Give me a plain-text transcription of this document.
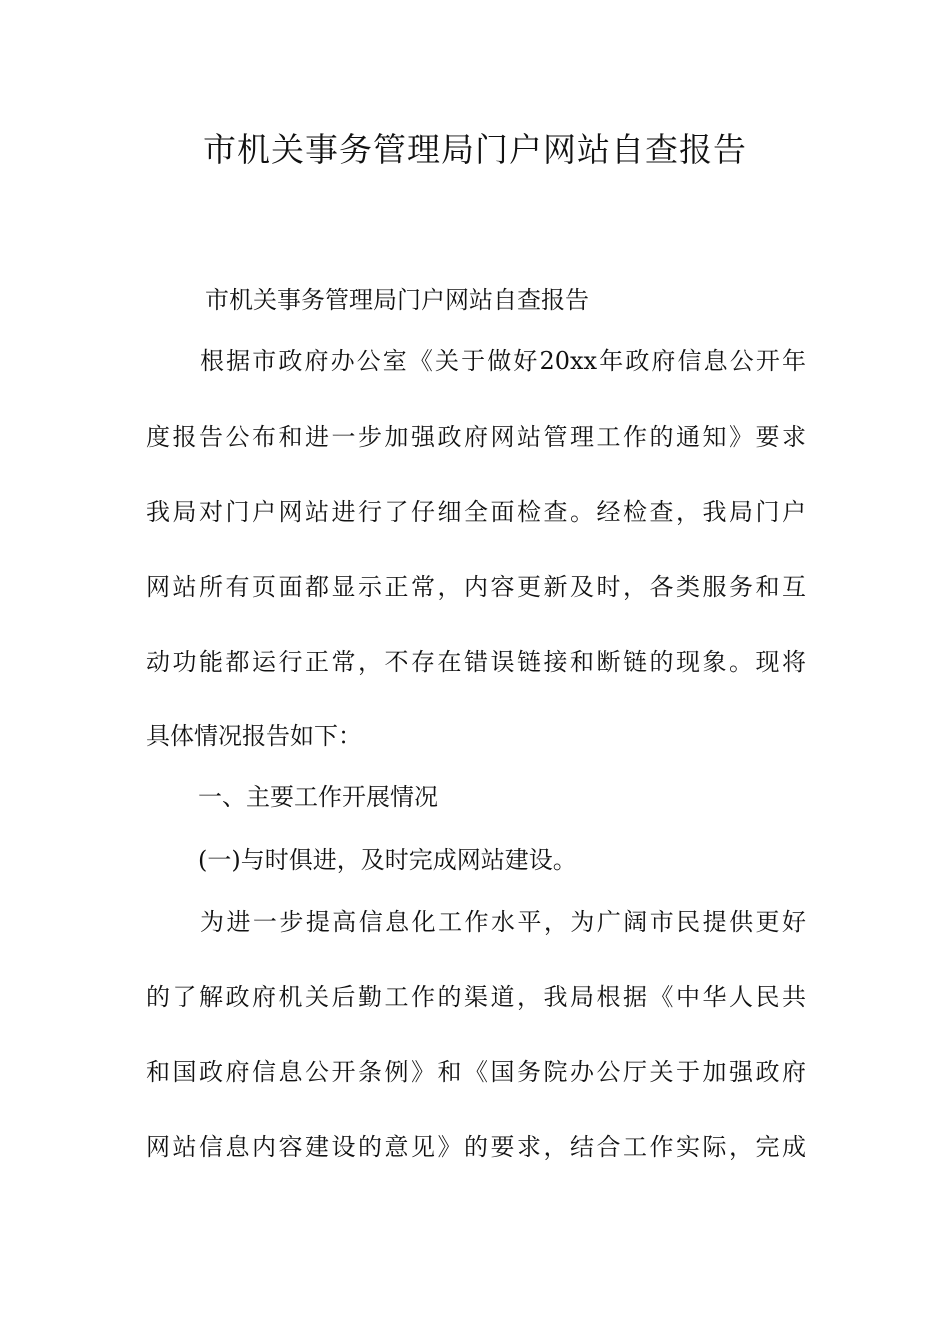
市机关事务管理局门户网站自查报告

市机关事务管理局门户网站自查报告

根据市政府办公室《关于做好20xx年政府信息公开年

度报告公布和进一步加强政府网站管理工作的通知》要求

我局对门户网站进行了仔细全面检查。经检查，我局门户

网站所有页面都显示正常，内容更新及时，各类服务和互

动功能都运行正常，不存在错误链接和断链的现象。现将

具体情况报告如下：

一、主要工作开展情况

(一)与时俱进，及时完成网站建设。

为进一步提高信息化工作水平，为广阔市民提供更好

的了解政府机关后勤工作的渠道，我局根据《中华人民共

和国政府信息公开条例》和《国务院办公厅关于加强政府

网站信息内容建设的意见》的要求，结合工作实际，完成
